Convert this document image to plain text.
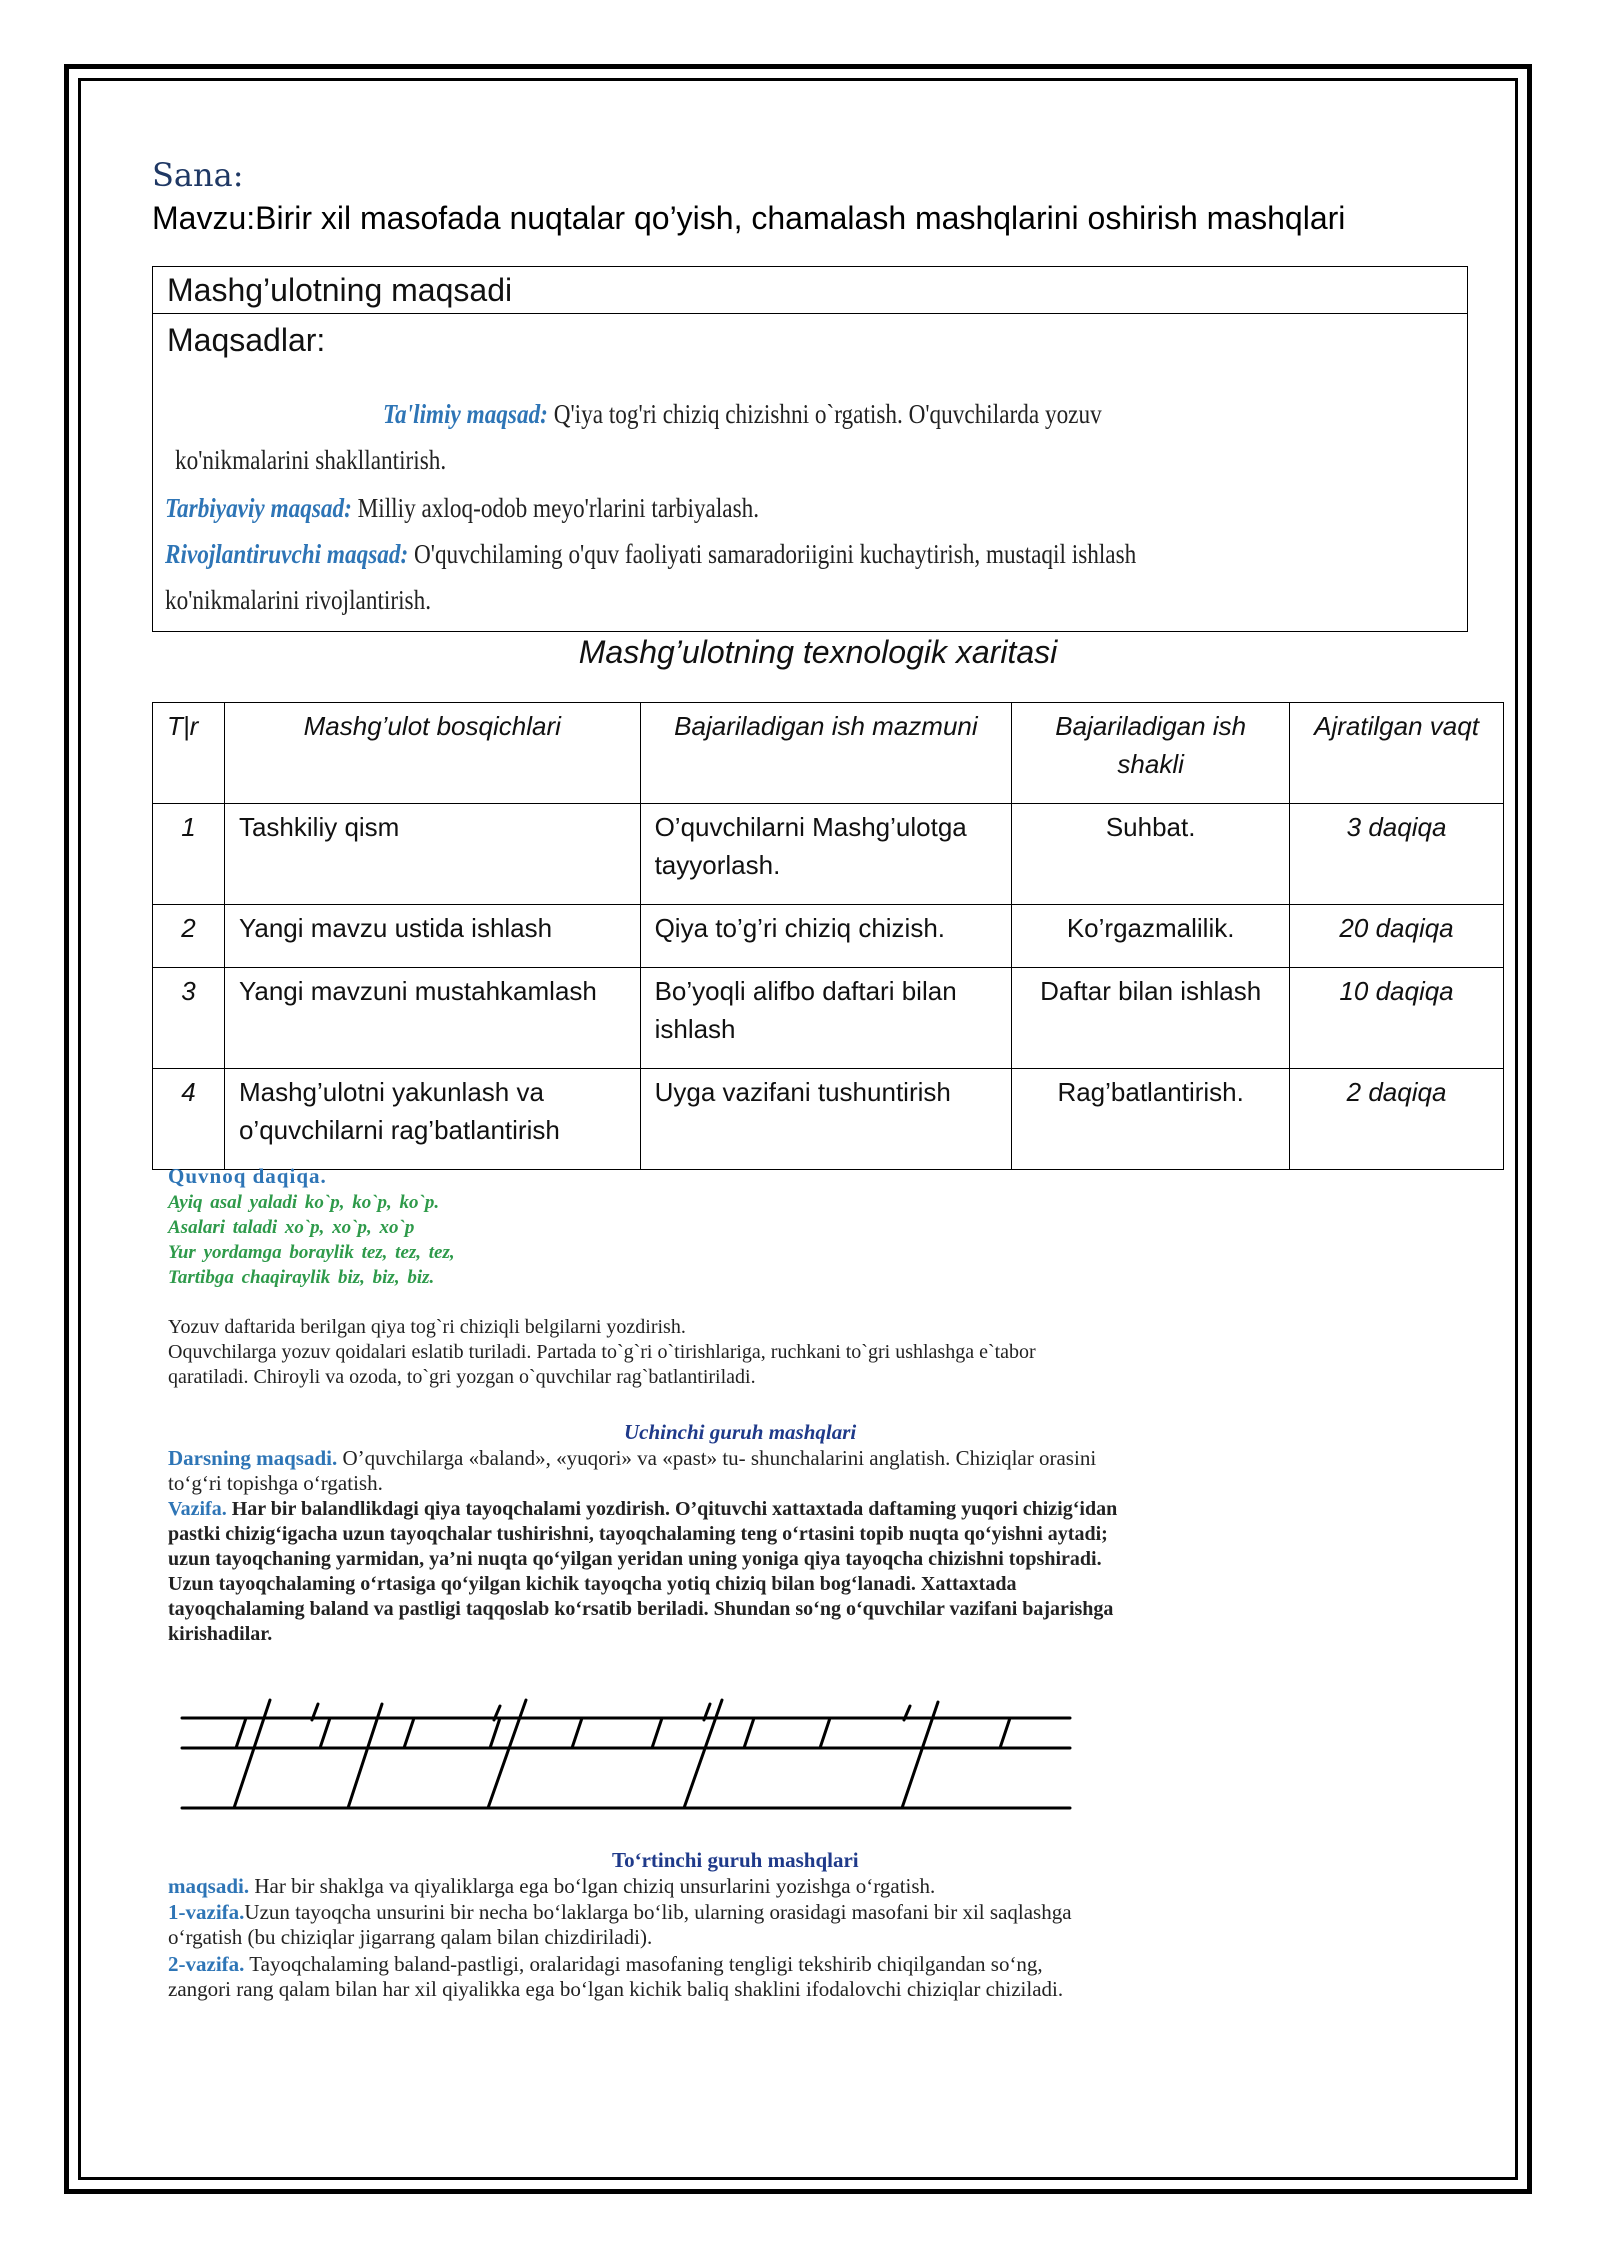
Sana:
Mavzu:Birir xil masofada nuqtalar qo’yish, chamalash mashqlarini oshirish mashqlari
Mashg’ulotning maqsadi
Maqsadlar:
Ta'limiy maqsad: Q'iya tog'ri chiziq chizishni o`rgatish. O'quvchilarda yozuv
ko'nikmalarini shakllantirish.
Tarbiyaviy maqsad: Milliy axloq-odob meyo'rlarini tarbiyalash.
Rivojlantiruvchi maqsad: O'quvchilaming o'quv faoliyati samaradoriigini kuchaytirish, mustaqil ishlash
ko'nikmalarini rivojlantirish.
Mashg’ulotning texnologik xaritasi
T|r	Mashg’ulot bosqichlari	Bajariladigan ish mazmuni	Bajariladigan ish shakli	Ajratilgan vaqt
1	Tashkiliy qism	O’quvchilarni Mashg’ulotga tayyorlash.	Suhbat.	3 daqiqa
2	Yangi mavzu ustida ishlash	Qiya to’g’ri chiziq chizish.	Ko’rgazmalilik.	20 daqiqa
3	Yangi mavzuni mustahkamlash	Bo’yoqli alifbo daftari bilan ishlash	Daftar bilan ishlash	10 daqiqa
4	Mashg’ulotni yakunlash va o’quvchilarni rag’batlantirish	Uyga vazifani tushuntirish	Rag’batlantirish.	2 daqiqa
Quvnoq daqiqa.
Ayiq asal yaladi ko`p, ko`p, ko`p.
Asalari taladi xo`p, xo`p, xo`p
Yur yordamga boraylik tez, tez, tez,
Tartibga chaqiraylik biz, biz, biz.
Yozuv daftarida berilgan qiya tog`ri chiziqli belgilarni yozdirish.
Oquvchilarga yozuv qoidalari eslatib turiladi. Partada to`g`ri o`tirishlariga, ruchkani to`gri ushlashga e`tabor
qaratiladi. Chiroyli va ozoda, to`gri yozgan o`quvchilar rag`batlantiriladi.
Uchinchi guruh mashqlari
Darsning maqsadi. O’quvchilarga «baland», «yuqori» va «past» tu- shunchalarini anglatish. Chiziqlar orasini
to‘g‘ri topishga o‘rgatish.
Vazifa. Har bir balandlikdagi qiya tayoqchalami yozdirish. O’qituvchi xattaxtada daftaming yuqori chizig‘idan
pastki chizig‘igacha uzun tayoqchalar tushirishni, tayoqchalaming teng o‘rtasini topib nuqta qo‘yishni aytadi;
uzun tayoqchaning yarmidan, ya’ni nuqta qo‘yilgan yeridan uning yoniga qiya tayoqcha chizishni topshiradi.
Uzun tayoqchalaming o‘rtasiga qo‘yilgan kichik tayoqcha yotiq chiziq bilan bog‘lanadi. Xattaxtada
tayoqchalaming baland va pastligi taqqoslab ko‘rsatib beriladi. Shundan so‘ng o‘quvchilar vazifani bajarishga
kirishadilar.
To‘rtinchi guruh mashqlari
maqsadi. Har bir shaklga va qiyaliklarga ega bo‘lgan chiziq unsurlarini yozishga o‘rgatish.
1-vazifa.Uzun tayoqcha unsurini bir necha bo‘laklarga bo‘lib, ularning orasidagi masofani bir xil saqlashga
o‘rgatish (bu chiziqlar jigarrang qalam bilan chizdiriladi).
2-vazifa. Tayoqchalaming baland-pastligi, oralaridagi masofaning tengligi tekshirib chiqilgandan so‘ng,
zangori rang qalam bilan har xil qiyalikka ega bo‘lgan kichik baliq shaklini ifodalovchi chiziqlar chiziladi.
